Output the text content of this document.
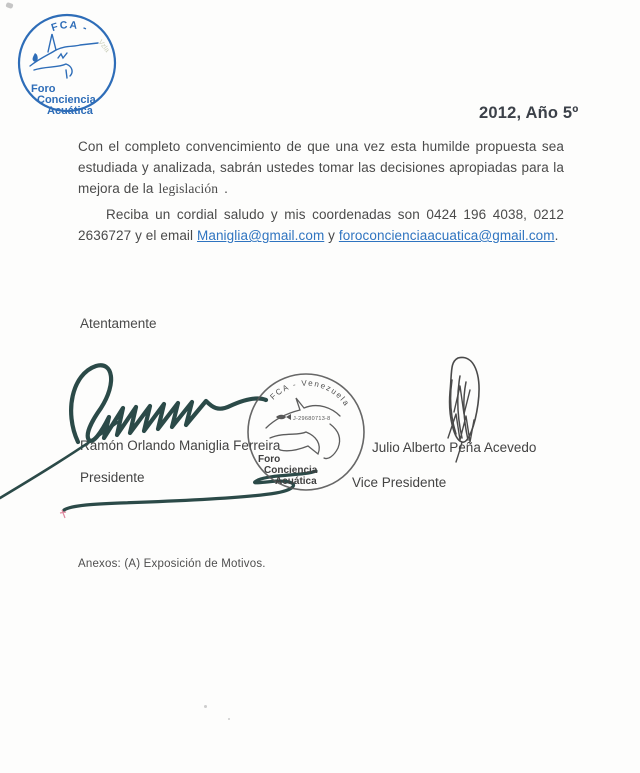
FCA -
Vzla
Foro
Conciencia
Acuática	2012, Año 5º

Con el completo convencimiento de que una vez esta humilde propuesta sea estudiada y analizada, sabrán ustedes tomar las decisiones apropiadas para la mejora de la legislación .

Reciba un cordial saludo y mis coordenadas son 0424 196 4038, 0212 2636727 y el email Maniglia@gmail.com y foroconcienciaacuatica@gmail.com.

Atentamente
Ramón Orlando Maniglia Ferreira
Presidente
Julio Alberto Peña Acevedo
Vice Presidente
FCA - Venezuela
J-29680713-8
Foro
Conciencia
Acuática
Anexos: (A) Exposición de Motivos.
